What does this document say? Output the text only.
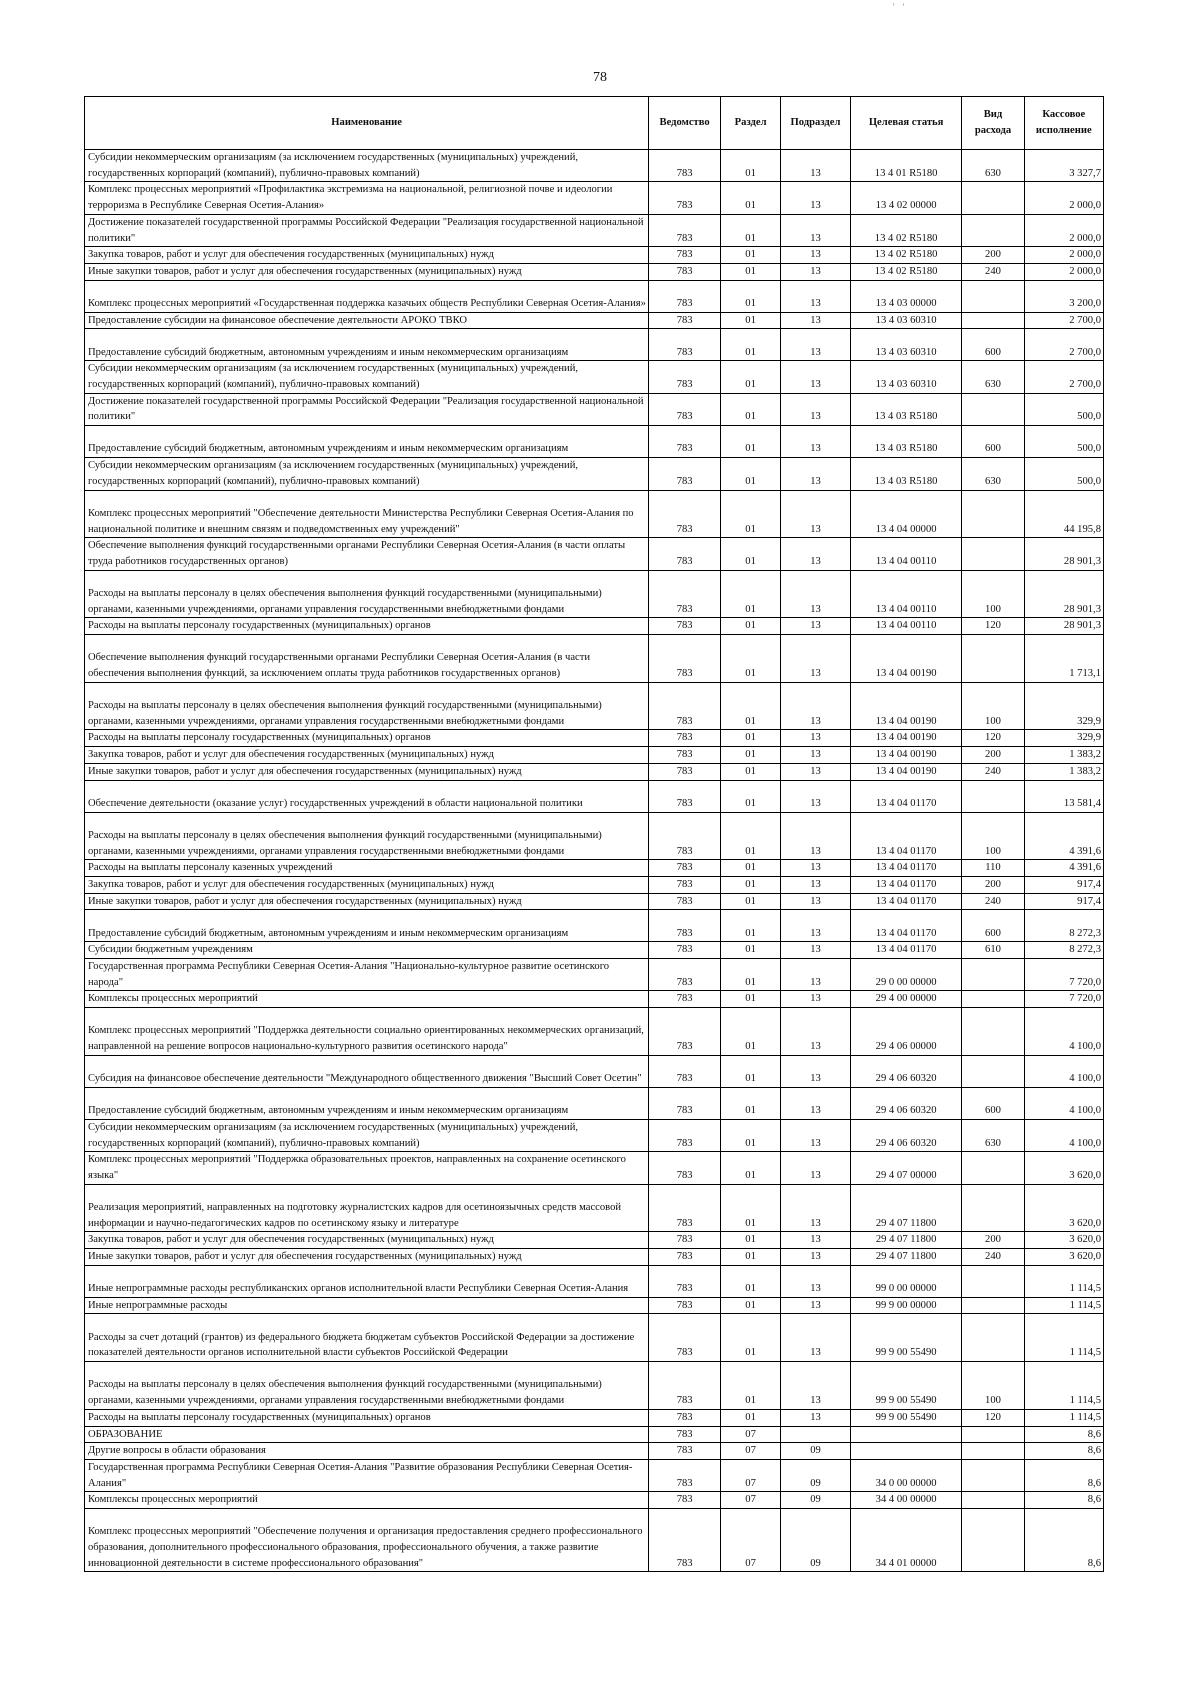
' '
78
Наименование	Ведомство	Раздел	Подраздел	Целевая статья	Вид расхода	Кассовое исполнение
Субсидии некоммерческим организациям (за исключением государственных (муниципальных) учреждений, государственных корпораций (компаний), публично-правовых компаний)	783	01	13	13 4 01 R5180	630	3 327,7
Комплекс процессных мероприятий «Профилактика экстремизма на национальной, религиозной почве и идеологии терроризма в Республике Северная Осетия-Алания»	783	01	13	13 4 02 00000		2 000,0
Достижение показателей государственной программы Российской Федерации "Реализация государственной национальной политики"	783	01	13	13 4 02 R5180		2 000,0
Закупка товаров, работ и услуг для обеспечения государственных (муниципальных) нужд	783	01	13	13 4 02 R5180	200	2 000,0
Иные закупки товаров, работ и услуг для обеспечения государственных (муниципальных) нужд	783	01	13	13 4 02 R5180	240	2 000,0
Комплекс процессных мероприятий «Государственная поддержка казачьих обществ Республики Северная Осетия-Алания»	783	01	13	13 4 03 00000		3 200,0
Предоставление субсидии на финансовое обеспечение деятельности АРОКО ТВКО	783	01	13	13 4 03 60310		2 700,0
Предоставление субсидий бюджетным, автономным учреждениям и иным некоммерческим организациям	783	01	13	13 4 03 60310	600	2 700,0
Субсидии некоммерческим организациям (за исключением государственных (муниципальных) учреждений, государственных корпораций (компаний), публично-правовых компаний)	783	01	13	13 4 03 60310	630	2 700,0
Достижение показателей государственной программы Российской Федерации "Реализация государственной национальной политики"	783	01	13	13 4 03 R5180		500,0
Предоставление субсидий бюджетным, автономным учреждениям и иным некоммерческим организациям	783	01	13	13 4 03 R5180	600	500,0
Субсидии некоммерческим организациям (за исключением государственных (муниципальных) учреждений, государственных корпораций (компаний), публично-правовых компаний)	783	01	13	13 4 03 R5180	630	500,0
Комплекс процессных мероприятий "Обеспечение деятельности Министерства Республики Северная Осетия-Алания по национальной политике и внешним связям и подведомственных ему учреждений"	783	01	13	13 4 04 00000		44 195,8
Обеспечение выполнения функций государственными органами Республики Северная Осетия-Алания (в части оплаты труда работников государственных органов)	783	01	13	13 4 04 00110		28 901,3
Расходы на выплаты персоналу в целях обеспечения выполнения функций государственными (муниципальными) органами, казенными учреждениями, органами управления государственными внебюджетными фондами	783	01	13	13 4 04 00110	100	28 901,3
Расходы на выплаты персоналу государственных (муниципальных) органов	783	01	13	13 4 04 00110	120	28 901,3
Обеспечение выполнения функций государственными органами Республики Северная Осетия-Алания (в части обеспечения выполнения функций, за исключением оплаты труда работников государственных органов)	783	01	13	13 4 04 00190		1 713,1
Расходы на выплаты персоналу в целях обеспечения выполнения функций государственными (муниципальными) органами, казенными учреждениями, органами управления государственными внебюджетными фондами	783	01	13	13 4 04 00190	100	329,9
Расходы на выплаты персоналу государственных (муниципальных) органов	783	01	13	13 4 04 00190	120	329,9
Закупка товаров, работ и услуг для обеспечения государственных (муниципальных) нужд	783	01	13	13 4 04 00190	200	1 383,2
Иные закупки товаров, работ и услуг для обеспечения государственных (муниципальных) нужд	783	01	13	13 4 04 00190	240	1 383,2
Обеспечение деятельности (оказание услуг) государственных учреждений в области национальной политики	783	01	13	13 4 04 01170		13 581,4
Расходы на выплаты персоналу в целях обеспечения выполнения функций государственными (муниципальными) органами, казенными учреждениями, органами управления государственными внебюджетными фондами	783	01	13	13 4 04 01170	100	4 391,6
Расходы на выплаты персоналу казенных учреждений	783	01	13	13 4 04 01170	110	4 391,6
Закупка товаров, работ и услуг для обеспечения государственных (муниципальных) нужд	783	01	13	13 4 04 01170	200	917,4
Иные закупки товаров, работ и услуг для обеспечения государственных (муниципальных) нужд	783	01	13	13 4 04 01170	240	917,4
Предоставление субсидий бюджетным, автономным учреждениям и иным некоммерческим организациям	783	01	13	13 4 04 01170	600	8 272,3
Субсидии бюджетным учреждениям	783	01	13	13 4 04 01170	610	8 272,3
Государственная программа Республики Северная Осетия-Алания "Национально-культурное развитие осетинского народа"	783	01	13	29 0 00 00000		7 720,0
Комплексы процессных мероприятий	783	01	13	29 4 00 00000		7 720,0
Комплекс процессных мероприятий "Поддержка деятельности социально ориентированных некоммерческих организаций, направленной на решение вопросов национально-культурного развития осетинского народа"	783	01	13	29 4 06 00000		4 100,0
Субсидия на финансовое обеспечение деятельности "Международного общественного движения "Высший Совет Осетин"	783	01	13	29 4 06 60320		4 100,0
Предоставление субсидий бюджетным, автономным учреждениям и иным некоммерческим организациям	783	01	13	29 4 06 60320	600	4 100,0
Субсидии некоммерческим организациям (за исключением государственных (муниципальных) учреждений, государственных корпораций (компаний), публично-правовых компаний)	783	01	13	29 4 06 60320	630	4 100,0
Комплекс процессных мероприятий "Поддержка образовательных проектов, направленных на сохранение осетинского языка"	783	01	13	29 4 07 00000		3 620,0
Реализация мероприятий, направленных на подготовку журналистских кадров для осетиноязычных средств массовой информации и научно-педагогических кадров по осетинскому языку и литературе	783	01	13	29 4 07 11800		3 620,0
Закупка товаров, работ и услуг для обеспечения государственных (муниципальных) нужд	783	01	13	29 4 07 11800	200	3 620,0
Иные закупки товаров, работ и услуг для обеспечения государственных (муниципальных) нужд	783	01	13	29 4 07 11800	240	3 620,0
Иные непрограммные расходы республиканских органов исполнительной власти Республики Северная Осетия-Алания	783	01	13	99 0 00 00000		1 114,5
Иные непрограммные расходы	783	01	13	99 9 00 00000		1 114,5
Расходы за счет дотаций (грантов) из федерального бюджета бюджетам субъектов Российской Федерации за достижение показателей деятельности органов исполнительной власти субъектов Российской Федерации	783	01	13	99 9 00 55490		1 114,5
Расходы на выплаты персоналу в целях обеспечения выполнения функций государственными (муниципальными) органами, казенными учреждениями, органами управления государственными внебюджетными фондами	783	01	13	99 9 00 55490	100	1 114,5
Расходы на выплаты персоналу государственных (муниципальных) органов	783	01	13	99 9 00 55490	120	1 114,5
ОБРАЗОВАНИЕ	783	07				8,6
Другие вопросы в области образования	783	07	09			8,6
Государственная программа Республики Северная Осетия-Алания "Развитие образования Республики Северная Осетия-Алания"	783	07	09	34 0 00 00000		8,6
Комплексы процессных мероприятий	783	07	09	34 4 00 00000		8,6
Комплекс процессных мероприятий "Обеспечение получения и организация предоставления среднего профессионального образования, дополнительного профессионального образования, профессионального обучения, а также развитие инновационной деятельности в системе профессионального образования"	783	07	09	34 4 01 00000		8,6
